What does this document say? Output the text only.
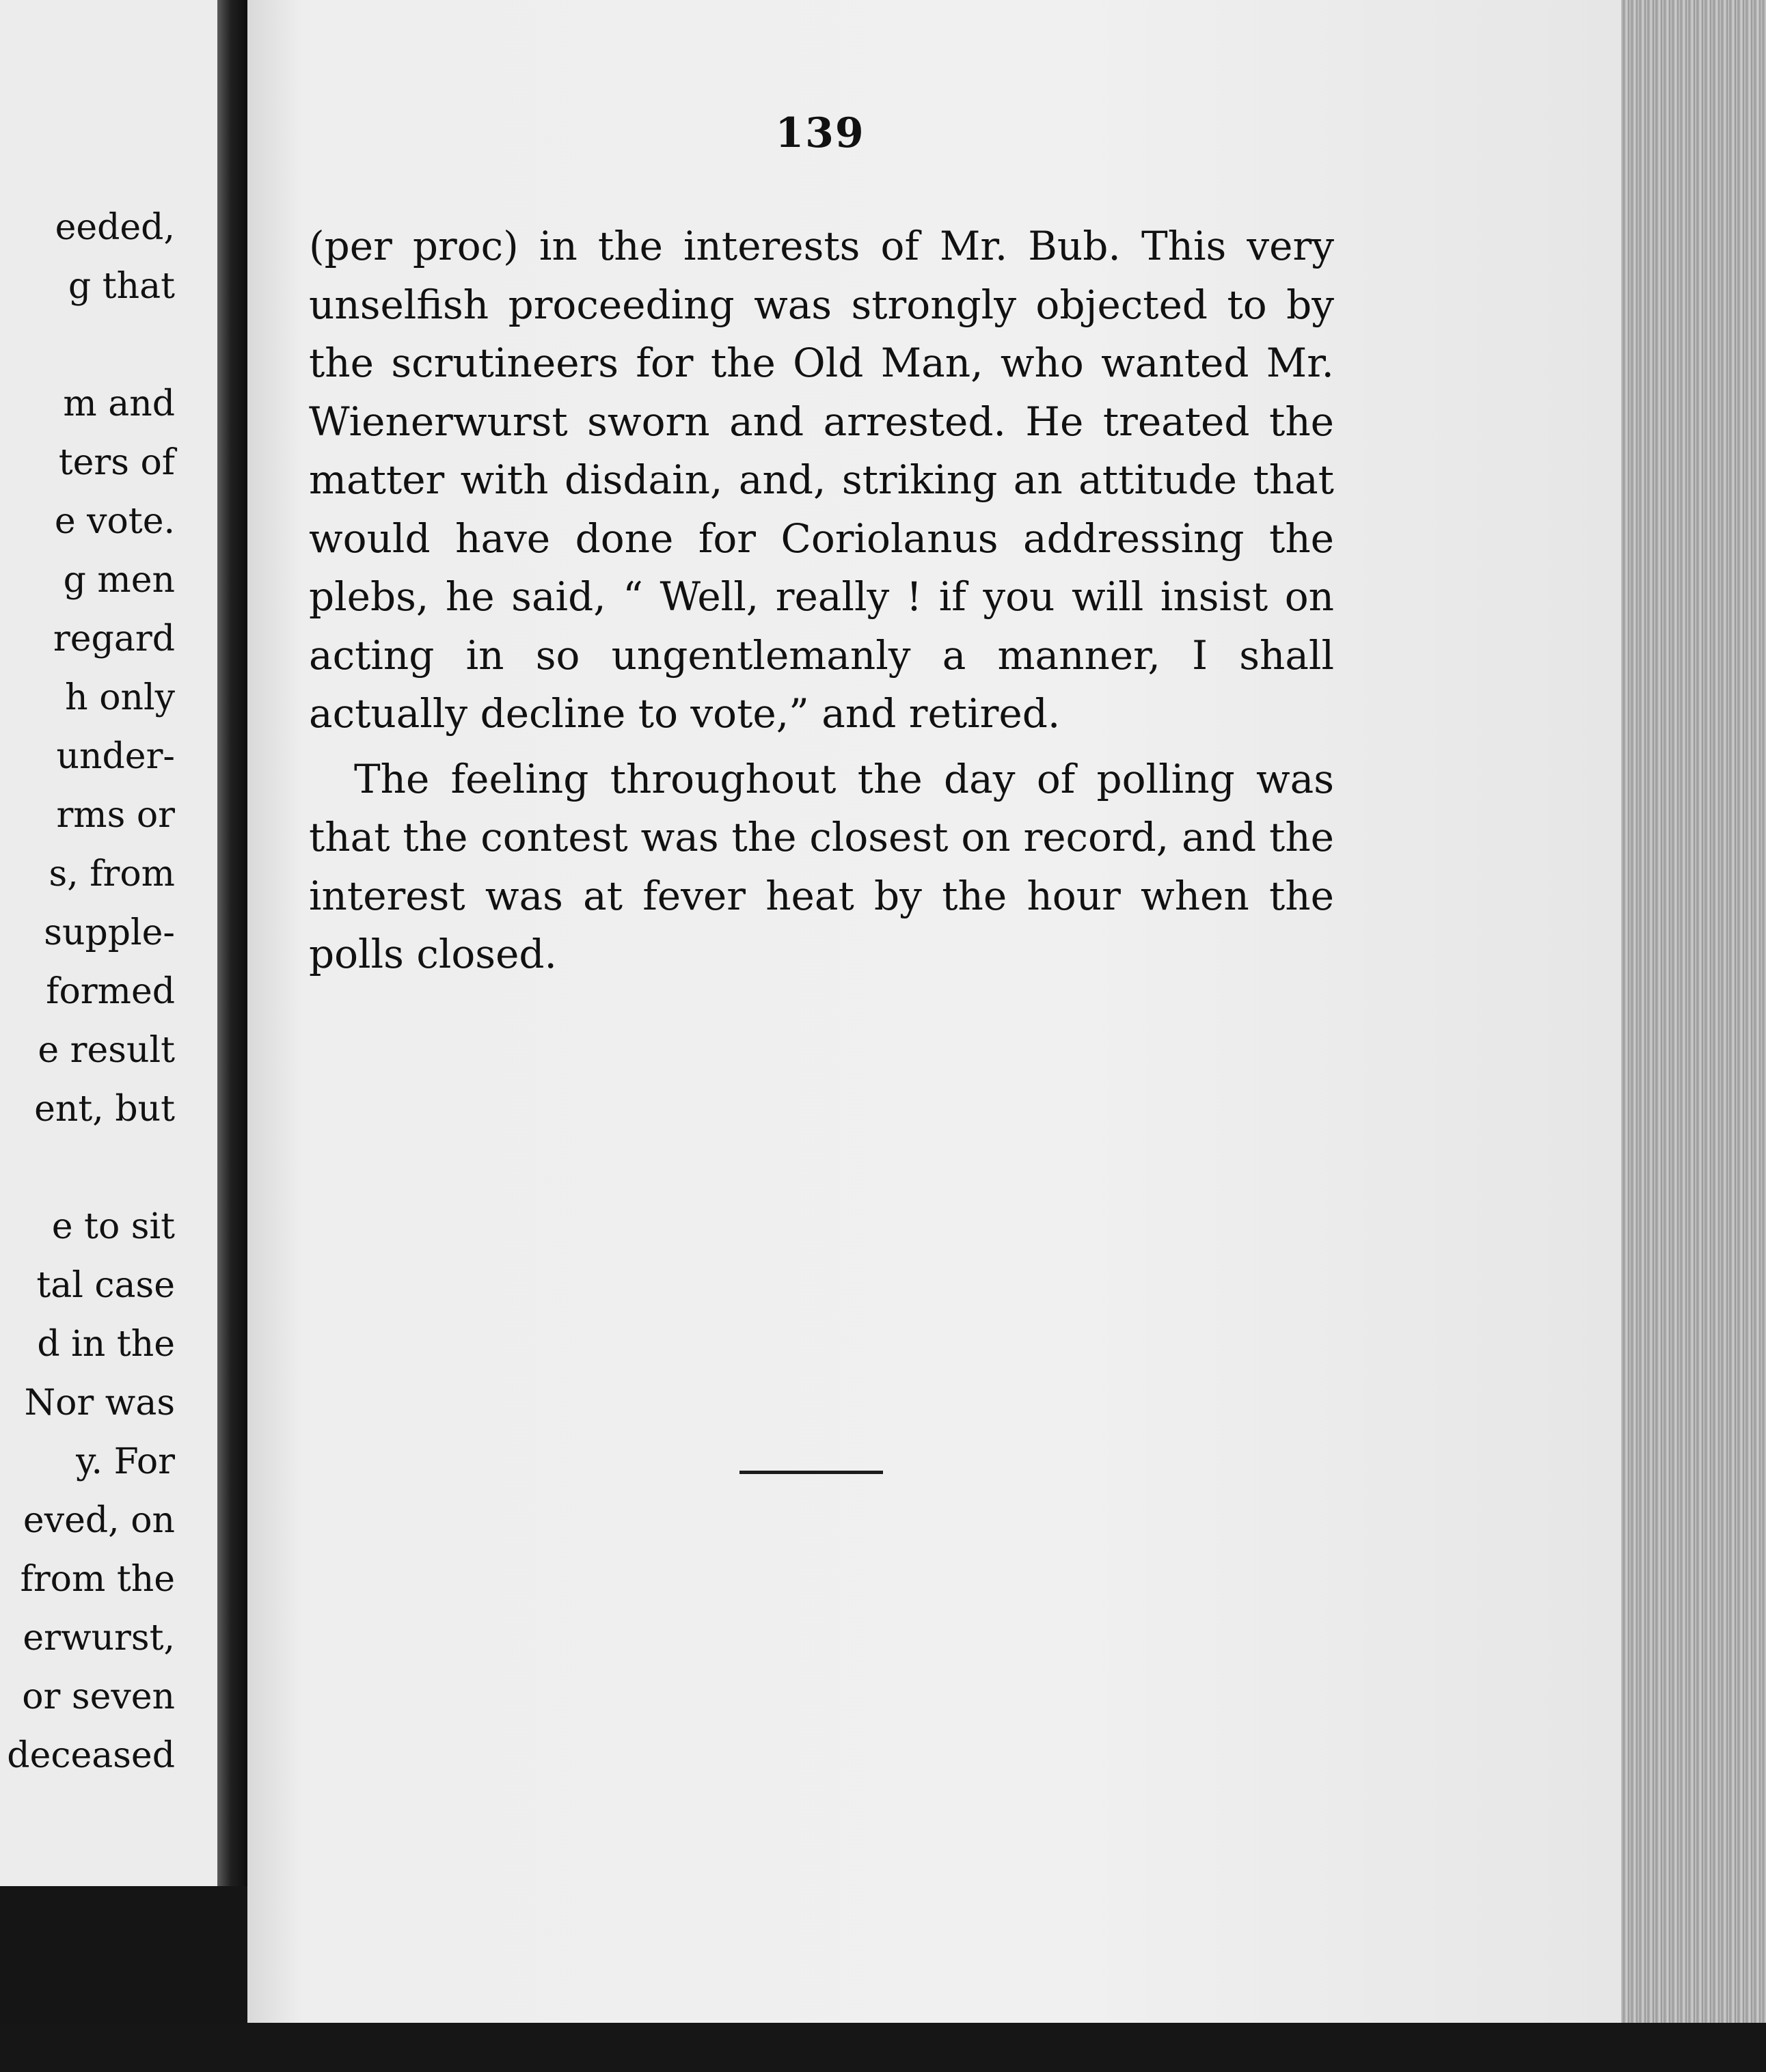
eeded,
g that
m and
ters of
e vote.
g men
regard
h only
under-
rms or
s, from
supple-
formed
e result
ent, but
e to sit
tal case
d in the
Nor was
y. For
eved, on
from the
erwurst,
or seven
deceased
139

(per proc) in the interests of Mr. Bub. This very unselfish proceeding was strongly objected to by the scrutineers for the Old Man, who wanted Mr. Wienerwurst sworn and arrested. He treated the matter with disdain, and, striking an attitude that would have done for Coriolanus addressing the plebs, he said, “ Well, really ! if you will insist on acting in so ungentlemanly a manner, I shall actually decline to vote,” and retired.

The feeling throughout the day of polling was that the contest was the closest on record, and the interest was at fever heat by the hour when the polls closed.
